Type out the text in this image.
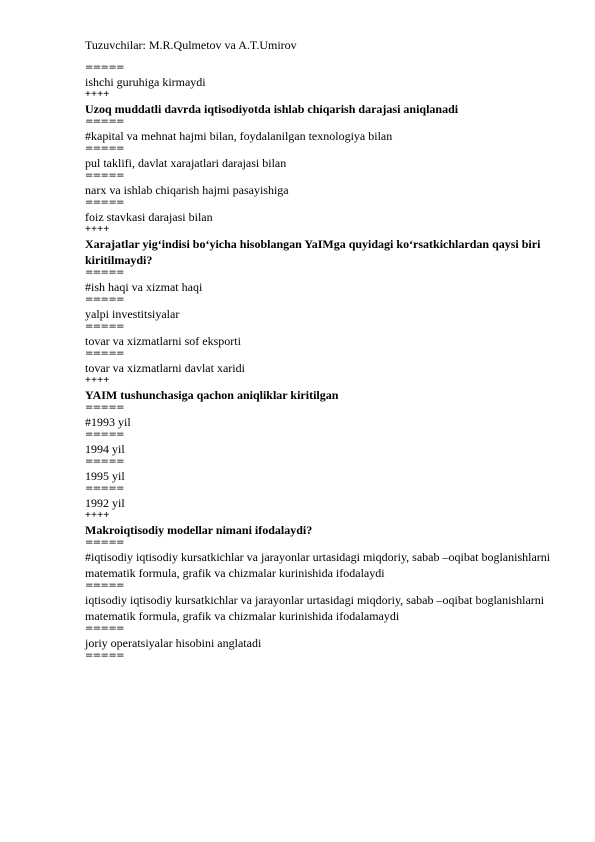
Tuzuvchilar: M.R.Qulmetov va A.T.Umirov
=====
ishchi guruhiga kirmaydi
++++
Uzoq muddatli davrda iqtisodiyotda ishlab chiqarish darajasi aniqlanadi
=====
#kapital va mehnat hajmi bilan, foydalanilgan texnologiya bilan
=====
pul taklifi, davlat xarajatlari darajasi bilan
=====
narx va ishlab chiqarish hajmi pasayishiga
=====
foiz stavkasi darajasi bilan
++++
Xarajatlar yig‘indisi bo‘yicha hisoblangan YaIMga quyidagi ko‘rsatkichlardan qaysi biri kiritilmaydi?
=====
#ish haqi va xizmat haqi
=====
yalpi investitsiyalar
=====
tovar va xizmatlarni sof eksporti
=====
tovar va xizmatlarni davlat xaridi
++++
YAIM tushunchasiga qachon aniqliklar kiritilgan
=====
#1993 yil
=====
1994 yil
=====
1995 yil
=====
1992 yil
++++
Makroiqtisodiy modellar nimani ifodalaydi?
=====
#iqtisodiy iqtisodiy kursatkichlar va jarayonlar urtasidagi miqdoriy, sabab –oqibat boglanishlarni matematik formula, grafik va chizmalar kurinishida ifodalaydi
=====
iqtisodiy iqtisodiy kursatkichlar va jarayonlar urtasidagi miqdoriy, sabab –oqibat boglanishlarni matematik formula, grafik va chizmalar kurinishida ifodalamaydi
=====
joriy operatsiyalar hisobini anglatadi
=====
